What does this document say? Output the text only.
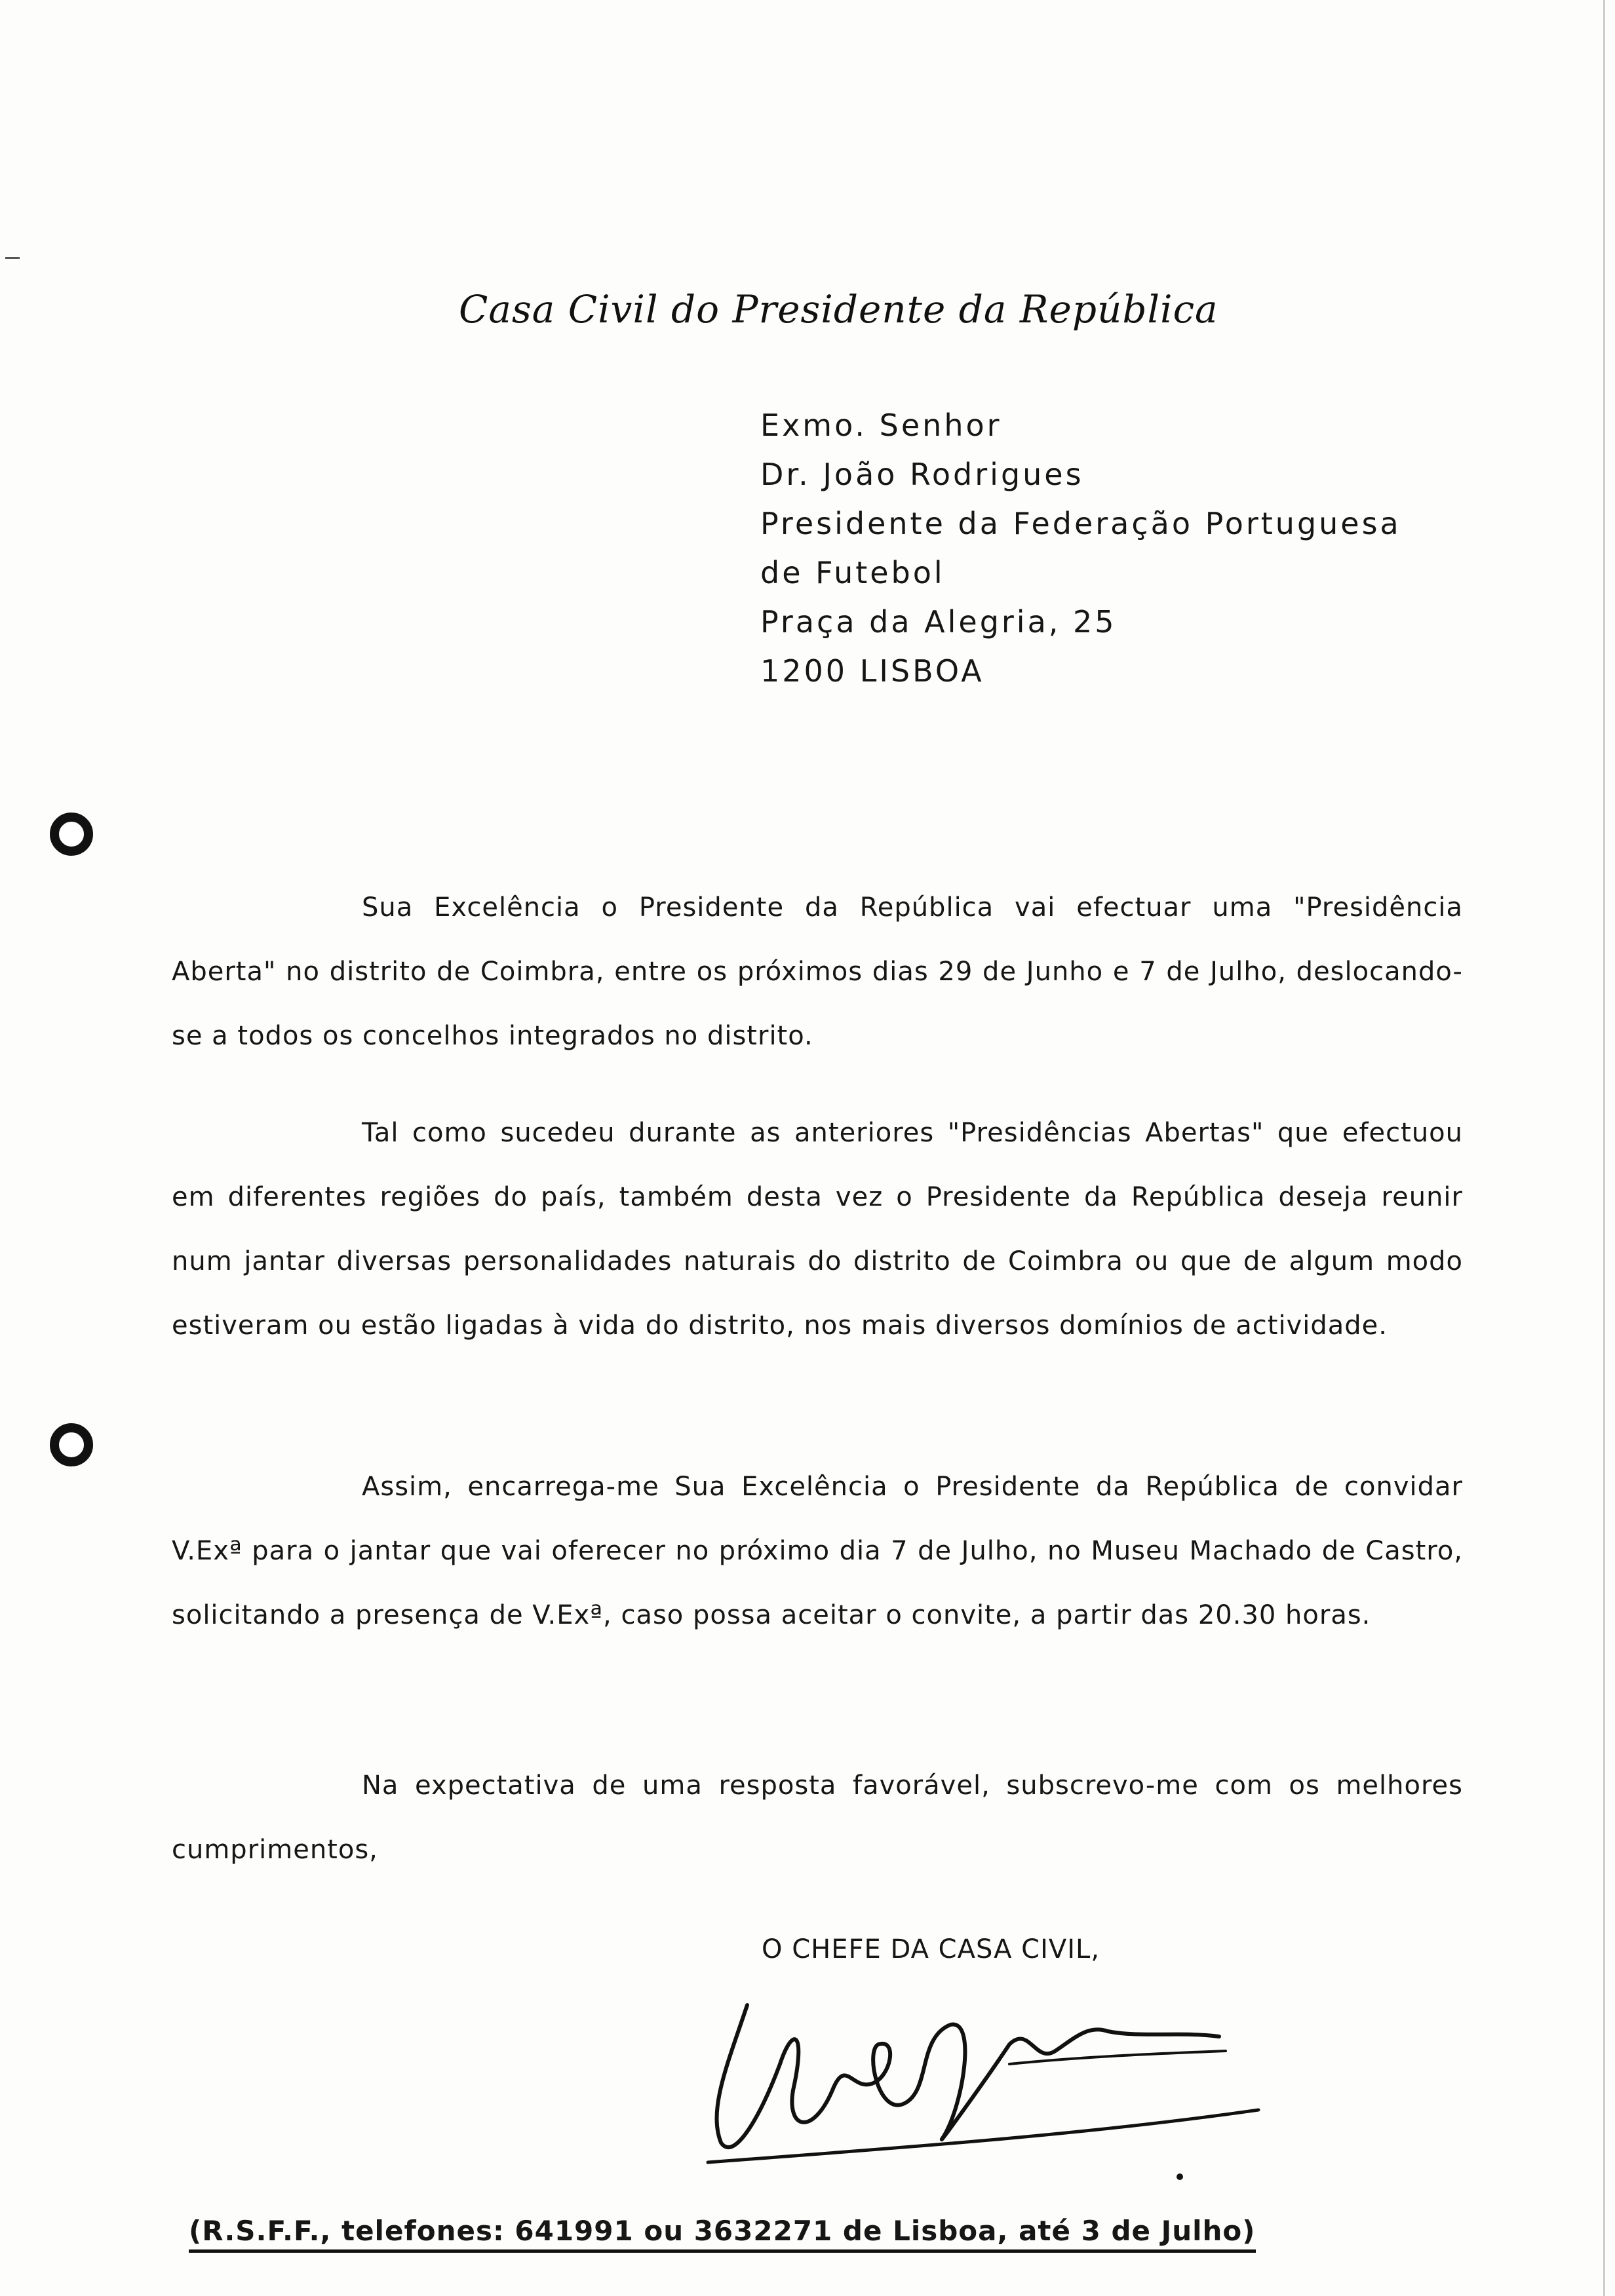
Casa Civil do Presidente da República
Exmo. Senhor
Dr. João Rodrigues
Presidente da Federação Portuguesa
de Futebol
Praça da Alegria, 25
1200 LISBOA
Sua Excelência o Presidente da República vai efectuar uma "Presidência Aberta" no distrito de Coimbra, entre os próximos dias 29 de Junho e 7 de Julho, deslocando-se a todos os concelhos integrados no distrito.
Tal como sucedeu durante as anteriores "Presidências Abertas" que efectuou em diferentes regiões do país, também desta vez o Presidente da República deseja reunir num jantar diversas personalidades naturais do distrito de Coimbra ou que de algum modo estiveram ou estão ligadas à vida do distrito, nos mais diversos domínios de actividade.
Assim, encarrega-me Sua Excelência o Presidente da República de convidar V.Exª para o jantar que vai oferecer no próximo dia 7 de Julho, no Museu Machado de Castro, solicitando a presença de V.Exª, caso possa aceitar o convite, a partir das 20.30 horas.
Na expectativa de uma resposta favorável, subscrevo-me com os melhores cumprimentos,
O CHEFE DA CASA CIVIL,
(R.S.F.F., telefones: 641991 ou 3632271 de Lisboa, até 3 de Julho)
